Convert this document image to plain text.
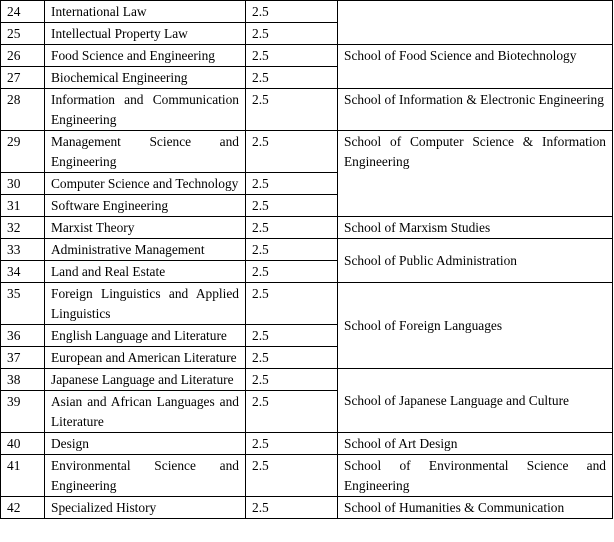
24	International Law	2.5	
25	Intellectual Property Law	2.5	
26	Food Science and Engineering	2.5	School of Food Science and Biotechnology
27	Biochemical Engineering	2.5	
28	Information and Communication Engineering	2.5	School of Information & Electronic Engineering
29	Management Science and Engineering	2.5	School of Computer Science & Information Engineering
30	Computer Science and Technology	2.5	
31	Software Engineering	2.5	
32	Marxist Theory	2.5	School of Marxism Studies
33	Administrative Management	2.5	School of Public Administration
34	Land and Real Estate	2.5	
35	Foreign Linguistics and Applied Linguistics	2.5	School of Foreign Languages
36	English Language and Literature	2.5	
37	European and American Literature	2.5	
38	Japanese Language and Literature	2.5	School of Japanese Language and Culture
39	Asian and African Languages and Literature	2.5	
40	Design	2.5	School of Art Design
41	Environmental Science and Engineering	2.5	School of Environmental Science and Engineering
42	Specialized History	2.5	School of Humanities & Communication
